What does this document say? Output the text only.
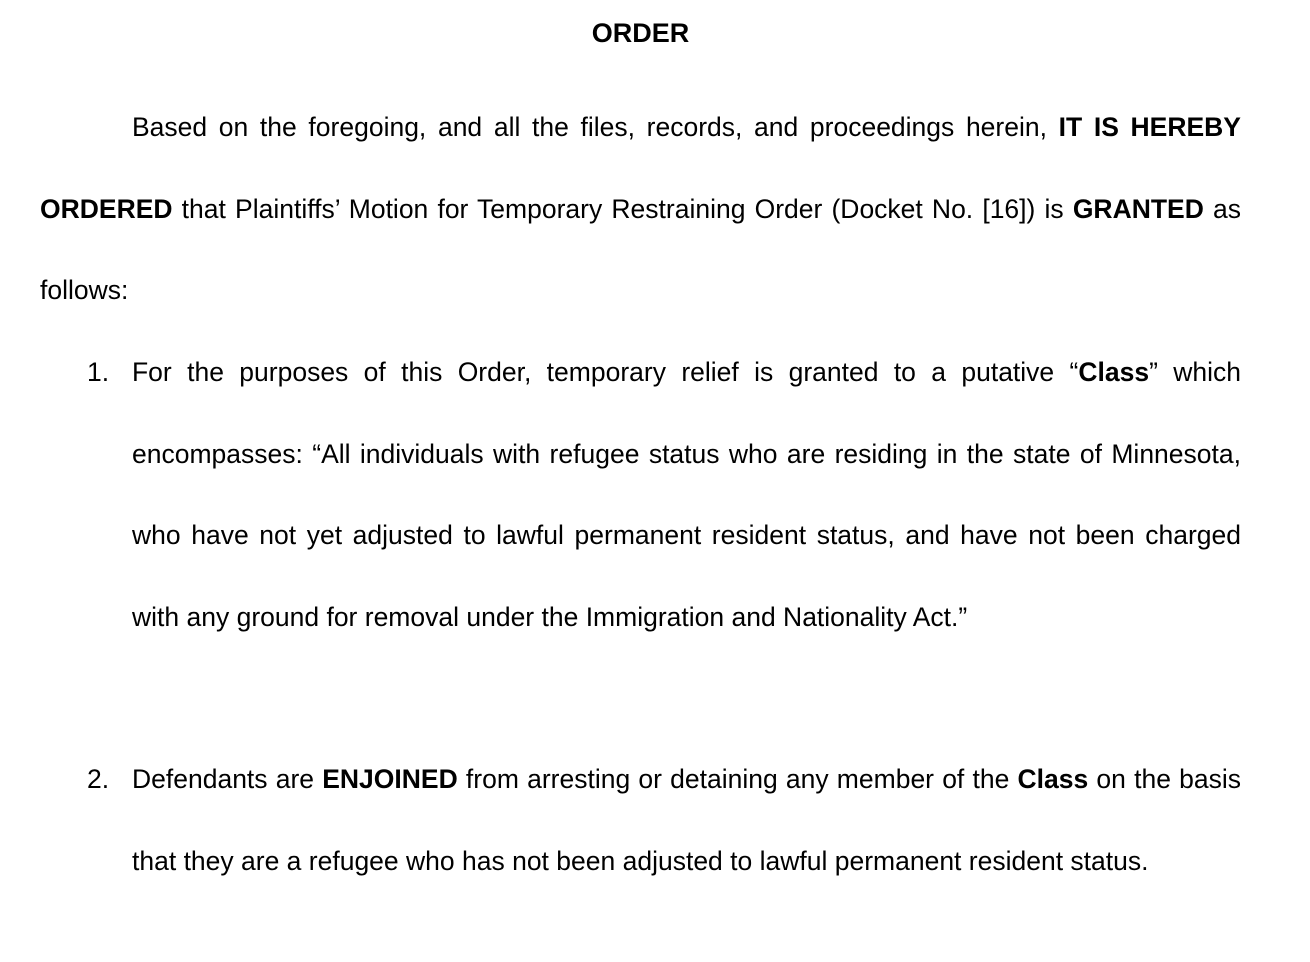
ORDER

Based on the foregoing, and all the files, records, and proceedings herein, IT IS HEREBY ORDERED that Plaintiffs’ Motion for Temporary Restraining Order (Docket No. [16]) is GRANTED as follows:

1. For the purposes of this Order, temporary relief is granted to a putative “Class” which encompasses: “All individuals with refugee status who are residing in the state of Minnesota, who have not yet adjusted to lawful permanent resident status, and have not been charged with any ground for removal under the Immigration and Nationality Act.”
2. Defendants are ENJOINED from arresting or detaining any member of the Class on the basis that they are a refugee who has not been adjusted to lawful permanent resident status.
